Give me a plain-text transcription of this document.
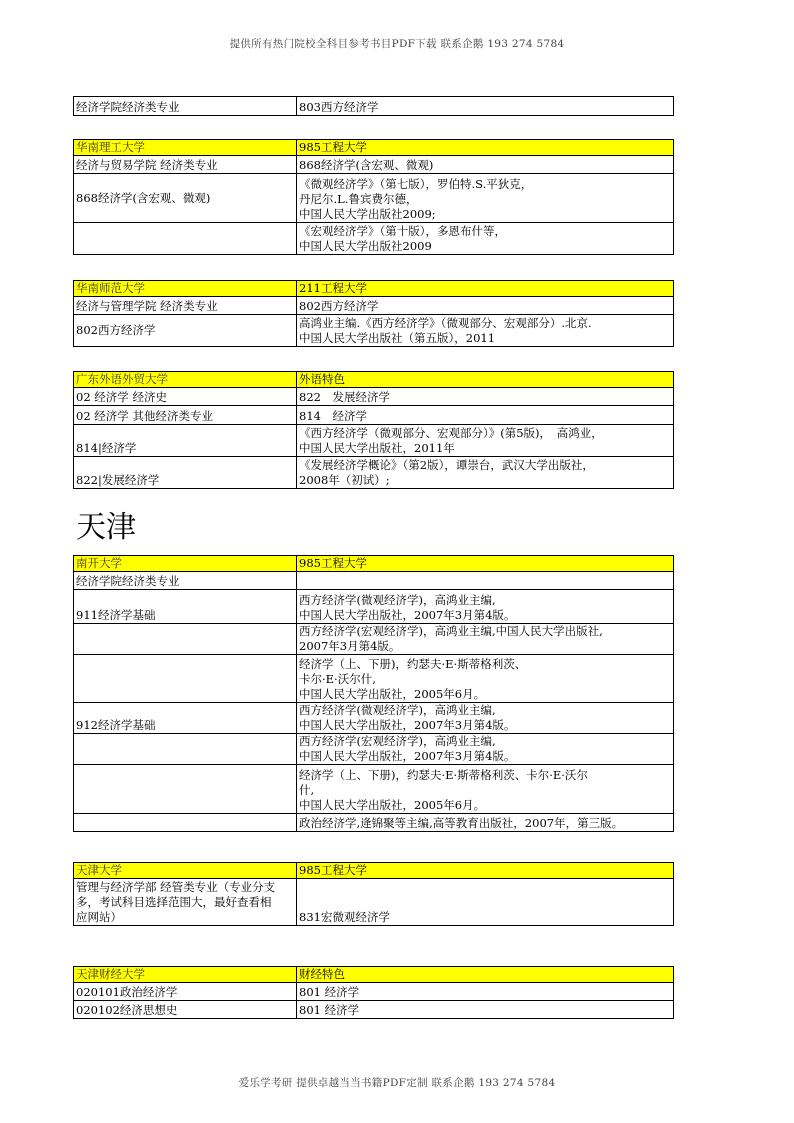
提供所有热门院校全科目参考书目PDF下载 联系企鹅 193 274 5784
经济学院经济类专业	803西方经济学
华南理工大学	985工程大学
经济与贸易学院 经济类专业	868经济学(含宏观、微观)
868经济学(含宏观、微观)	《微观经济学》（第七版），罗伯特.S.平狄克，
丹尼尔.L.鲁宾费尔德，
中国人民大学出版社2009;
	《宏观经济学》（第十版），多恩布什等，
中国人民大学出版社2009
华南师范大学	211工程大学
经济与管理学院 经济类专业	802西方经济学
802西方经济学	高鸿业主编.《西方经济学》（微观部分、宏观部分）.北京.
中国人民大学出版社（第五版），2011
广东外语外贸大学	外语特色
02 经济学 经济史	822　发展经济学
02 经济学 其他经济类专业	814　经济学
814|经济学	《西方经济学（微观部分、宏观部分）》(第5版)，　高鸿业，
中国人民大学出版社，2011年
822|发展经济学	《发展经济学概论》（第2版），谭崇台，武汉大学出版社，
2008年（初试）;
天津
南开大学	985工程大学
经济学院经济类专业	
911经济学基础	西方经济学(微观经济学)，高鸿业主编,
中国人民大学出版社，2007年3月第4版。
	西方经济学(宏观经济学)，高鸿业主编,中国人民大学出版社,
2007年3月第4版。
	经济学（上、下册)，约瑟夫·E·斯蒂格利茨、
卡尔·E·沃尔什,
中国人民大学出版社，2005年6月。
912经济学基础	西方经济学(微观经济学)，高鸿业主编,
中国人民大学出版社，2007年3月第4版。
	西方经济学(宏观经济学)，高鸿业主编,
中国人民大学出版社，2007年3月第4版。
	经济学（上、下册)，约瑟夫·E·斯蒂格利茨、卡尔·E·沃尔
什,
中国人民大学出版社，2005年6月。
	政治经济学,逄锦聚等主编,高等教育出版社，2007年，第三版。
天津大学	985工程大学
管理与经济学部 经管类专业（专业分支
多，考试科目选择范围大，最好查看相
应网站）	831宏微观经济学
天津财经大学	财经特色
020101政治经济学	801 经济学
020102经济思想史	801 经济学
爱乐学考研 提供卓越当当书籍PDF定制 联系企鹅 193 274 5784
